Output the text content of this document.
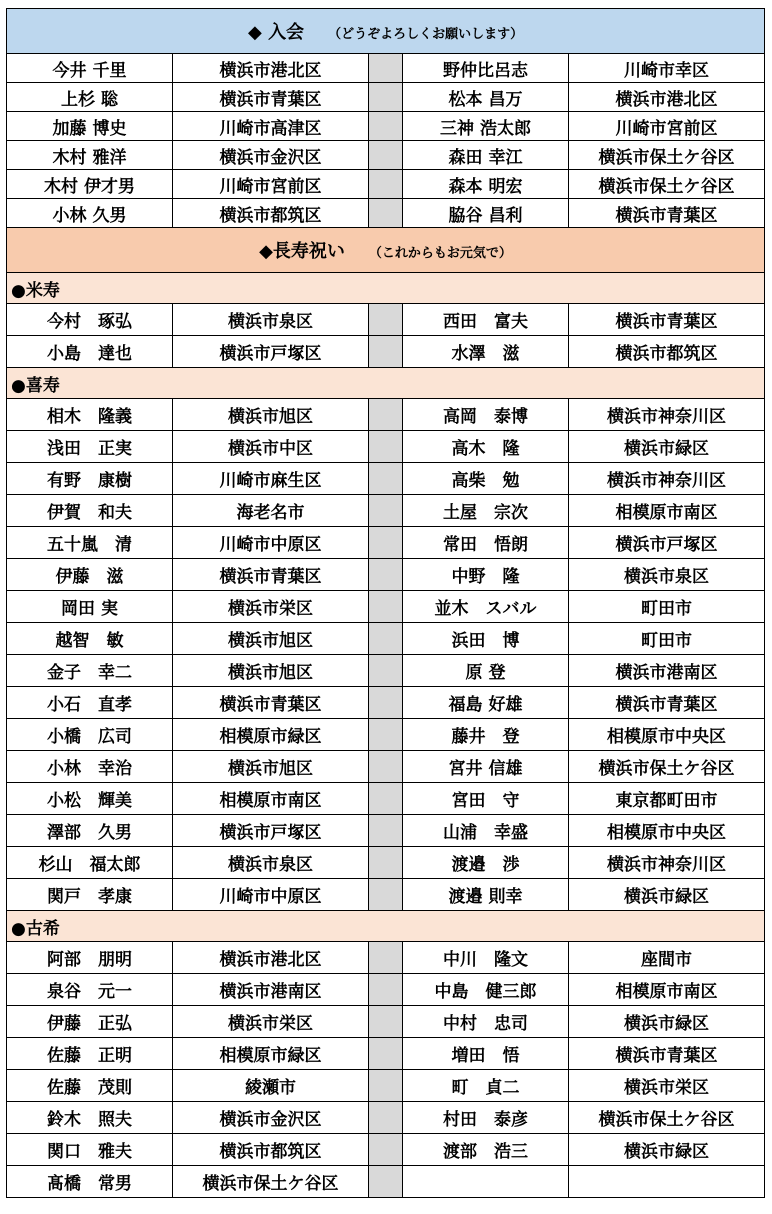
◆ 入会 （どうぞよろしくお願いします）				
今井 千里	横浜市港北区		野仲比呂志	川崎市幸区
上杉 聡	横浜市青葉区		松本 昌万	横浜市港北区
加藤 博史	川崎市高津区		三神 浩太郎	川崎市宮前区
木村 雅洋	横浜市金沢区		森田 幸江	横浜市保土ケ谷区
木村 伊才男	川崎市宮前区		森本 明宏	横浜市保土ケ谷区
小林 久男	横浜市都筑区		脇谷 昌利	横浜市青葉区
◆長寿祝い （これからもお元気で）				
●米寿				
今村　琢弘	横浜市泉区		西田　富夫	横浜市青葉区
小島　達也	横浜市戸塚区		水澤　滋	横浜市都筑区
●喜寿				
相木　隆義	横浜市旭区		高岡　泰博	横浜市神奈川区
浅田　正実	横浜市中区		高木　隆	横浜市緑区
有野　康樹	川崎市麻生区		高柴　勉	横浜市神奈川区
伊賀　和夫	海老名市		土屋　宗次	相模原市南区
五十嵐　清	川崎市中原区		常田　悟朗	横浜市戸塚区
伊藤　滋	横浜市青葉区		中野　隆	横浜市泉区
岡田 実	横浜市栄区		並木　スバル	町田市
越智　敏	横浜市旭区		浜田　博	町田市
金子　幸二	横浜市旭区		原 登	横浜市港南区
小石　直孝	横浜市青葉区		福島 好雄	横浜市青葉区
小橋　広司	相模原市緑区		藤井　登	相模原市中央区
小林　幸治	横浜市旭区		宮井 信雄	横浜市保土ケ谷区
小松　輝美	相模原市南区		宮田　守	東京都町田市
澤部　久男	横浜市戸塚区		山浦　幸盛	相模原市中央区
杉山　福太郎	横浜市泉区		渡邉　渉	横浜市神奈川区
関戸　孝康	川崎市中原区		渡邉 則幸	横浜市緑区
●古希				
阿部　朋明	横浜市港北区		中川　隆文	座間市
泉谷　元一	横浜市港南区		中島　健三郎	相模原市南区
伊藤　正弘	横浜市栄区		中村　忠司	横浜市緑区
佐藤　正明	相模原市緑区		増田　悟	横浜市青葉区
佐藤　茂則	綾瀬市		町　貞二	横浜市栄区
鈴木　照夫	横浜市金沢区		村田　泰彦	横浜市保土ケ谷区
関口　雅夫	横浜市都筑区		渡部　浩三	横浜市緑区
髙橋　常男	横浜市保土ケ谷区			
